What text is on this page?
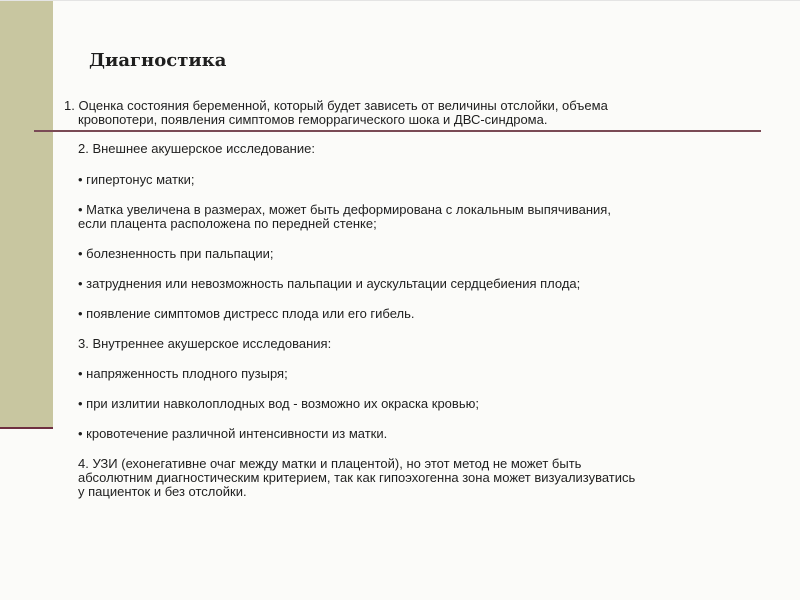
Диагностика

1. Оценка состояния беременной, который будет зависеть от величины отслойки, объема

кровопотери, появления симптомов геморрагического шока и ДВС-синдрома.

2. Внешнее акушерское исследование:

• гипертонус матки;

• Матка увеличена в размерах, может быть деформирована с локальным выпячивания,

если плацента расположена по передней стенке;

• болезненность при пальпации;

• затруднения или невозможность пальпации и аускультации сердцебиения плода;

• появление симптомов дистресс плода или его гибель.

3. Внутреннее акушерское исследования:

• напряженность плодного пузыря;

• при излитии навколоплодных вод - возможно их окраска кровью;

• кровотечение различной интенсивности из матки.

4. УЗИ (ехонегативне очаг между матки и плацентой), но этот метод не может быть

абсолютним диагностическим критерием, так как гипоэхогенна зона может визуализуватись

у пациенток и без отслойки.
